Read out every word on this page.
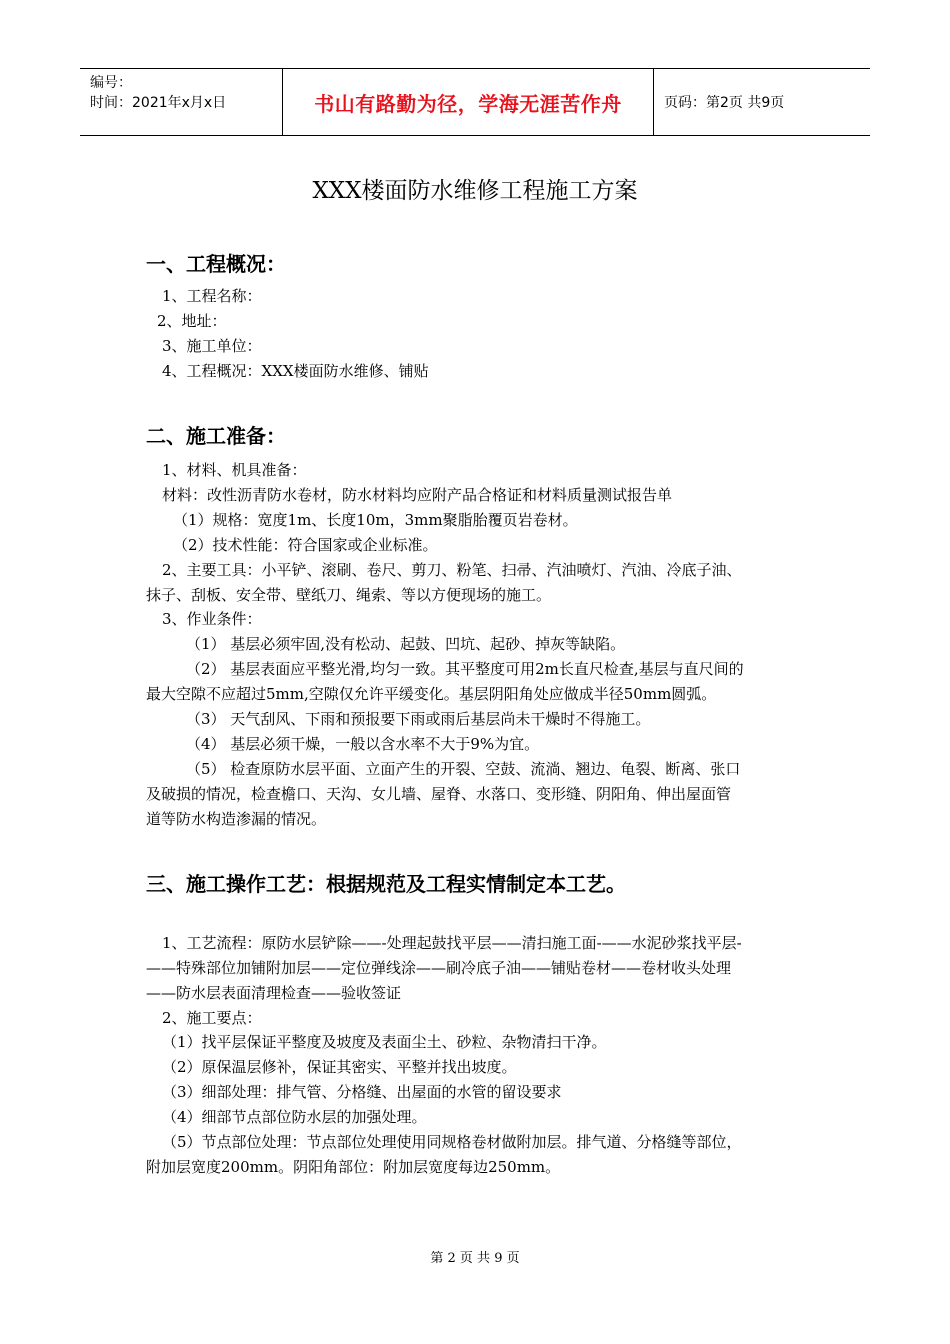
编号：
时间：2021年x月x日	书山有路勤为径，学海无涯苦作舟	页码：第2页 共9页
XXX楼面防水维修工程施工方案
一、工程概况：
1、工程名称：
2、地址：
3、施工单位：
4、工程概况：XXX楼面防水维修、铺贴
二、施工准备：
1、材料、机具准备：
材料：改性沥青防水卷材，防水材料均应附产品合格证和材料质量测试报告单
（1）规格：宽度1m、长度10m，3mm聚脂胎覆页岩卷材。
（2）技术性能：符合国家或企业标准。
2、主要工具：小平铲、滚刷、卷尺、剪刀、粉笔、扫帚、汽油喷灯、汽油、冷底子油、
抹子、刮板、安全带、壁纸刀、绳索、等以方便现场的施工。
3、作业条件：
（1） 基层必须牢固,没有松动、起鼓、凹坑、起砂、掉灰等缺陷。
（2） 基层表面应平整光滑,均匀一致。其平整度可用2m长直尺检查,基层与直尺间的
最大空隙不应超过5mm,空隙仅允许平缓变化。基层阴阳角处应做成半径50mm圆弧。
（3） 天气刮风、下雨和预报要下雨或雨后基层尚未干燥时不得施工。
（4） 基层必须干燥，一般以含水率不大于9%为宜。
（5） 检查原防水层平面、立面产生的开裂、空鼓、流淌、翘边、龟裂、断离、张口
及破损的情况，检查檐口、天沟、女儿墙、屋脊、水落口、变形缝、阴阳角、伸出屋面管
道等防水构造渗漏的情况。
三、施工操作工艺：根据规范及工程实情制定本工艺。
1、工艺流程：原防水层铲除——-处理起鼓找平层——清扫施工面-——水泥砂浆找平层-
——特殊部位加铺附加层——定位弹线涂——刷冷底子油——铺贴卷材——卷材收头处理
——防水层表面清理检查——验收签证
2、施工要点：
（1）找平层保证平整度及坡度及表面尘土、砂粒、杂物清扫干净。
（2）原保温层修补，保证其密实、平整并找出坡度。
（3）细部处理：排气管、分格缝、出屋面的水管的留设要求
（4）细部节点部位防水层的加强处理。
（5）节点部位处理：节点部位处理使用同规格卷材做附加层。排气道、分格缝等部位，
附加层宽度200mm。阴阳角部位：附加层宽度每边250mm。
第 2 页 共 9 页
